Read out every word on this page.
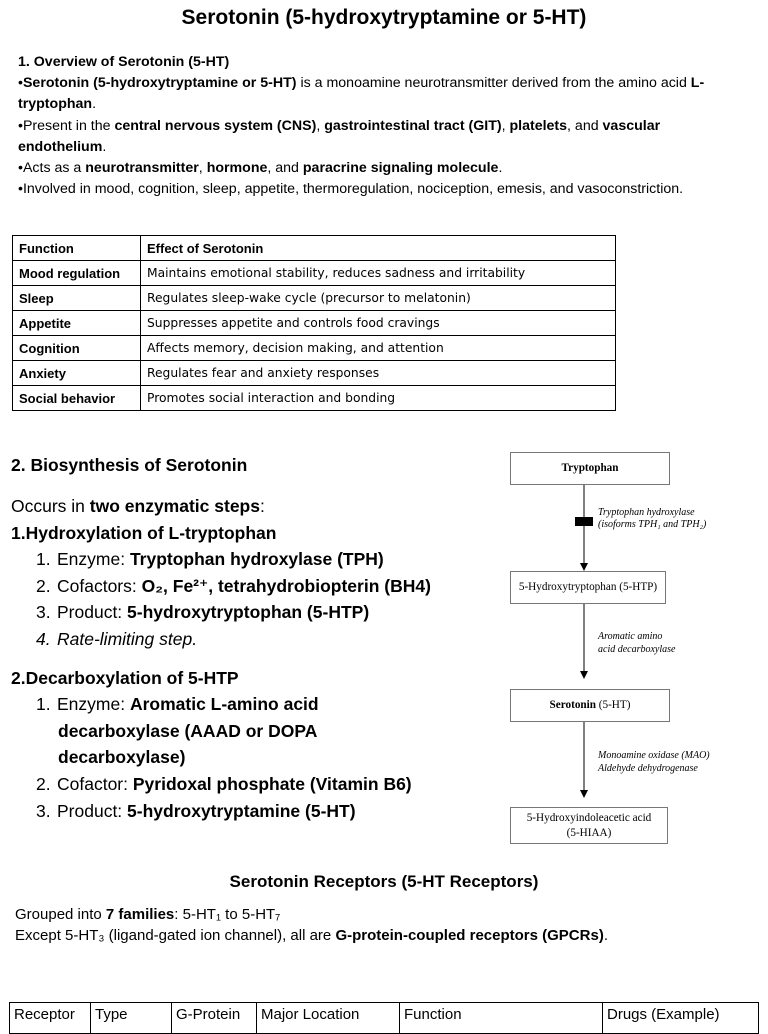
Serotonin (5-hydroxytryptamine or 5-HT)

1. Overview of Serotonin (5-HT)

•Serotonin (5-hydroxytryptamine or 5-HT) is a monoamine neurotransmitter derived from the amino acid L-tryptophan.

•Present in the central nervous system (CNS), gastrointestinal tract (GIT), platelets, and vascular endothelium.

•Acts as a neurotransmitter, hormone, and paracrine signaling molecule.

•Involved in mood, cognition, sleep, appetite, thermoregulation, nociception, emesis, and vasoconstriction.

Function	Effect of Serotonin
Mood regulation	Maintains emotional stability, reduces sadness and irritability
Sleep	Regulates sleep-wake cycle (precursor to melatonin)
Appetite	Suppresses appetite and controls food cravings
Cognition	Affects memory, decision making, and attention
Anxiety	Regulates fear and anxiety responses
Social behavior	Promotes social interaction and bonding
2. Biosynthesis of Serotonin
Occurs in two enzymatic steps:
1.Hydroxylation of L-tryptophan
1. Enzyme: Tryptophan hydroxylase (TPH)
2. Cofactors: O₂, Fe²⁺, tetrahydrobiopterin (BH4)
3. Product: 5-hydroxytryptophan (5-HTP)
4. Rate-limiting step.
2.Decarboxylation of 5-HTP
1. Enzyme: Aromatic L-amino acid
decarboxylase (AAAD or DOPA
decarboxylase)
2. Cofactor: Pyridoxal phosphate (Vitamin B6)
3. Product: 5-hydroxytryptamine (5-HT)
Tryptophan
Tryptophan hydroxylase
(isoforms TPH₁ and TPH₂)
5-Hydroxytryptophan (5-HTP)
Aromatic amino
acid decarboxylase
Serotonin (5-HT)
Monoamine oxidase (MAO)
Aldehyde dehydrogenase
5-Hydroxyindoleacetic acid
(5-HIAA)
Serotonin Receptors (5-HT Receptors)

Grouped into 7 families: 5-HT₁ to 5-HT₇

Except 5-HT₃ (ligand-gated ion channel), all are G-protein-coupled receptors (GPCRs).

Receptor	Type	G-Protein	Major Location	Function	Drugs (Example)
